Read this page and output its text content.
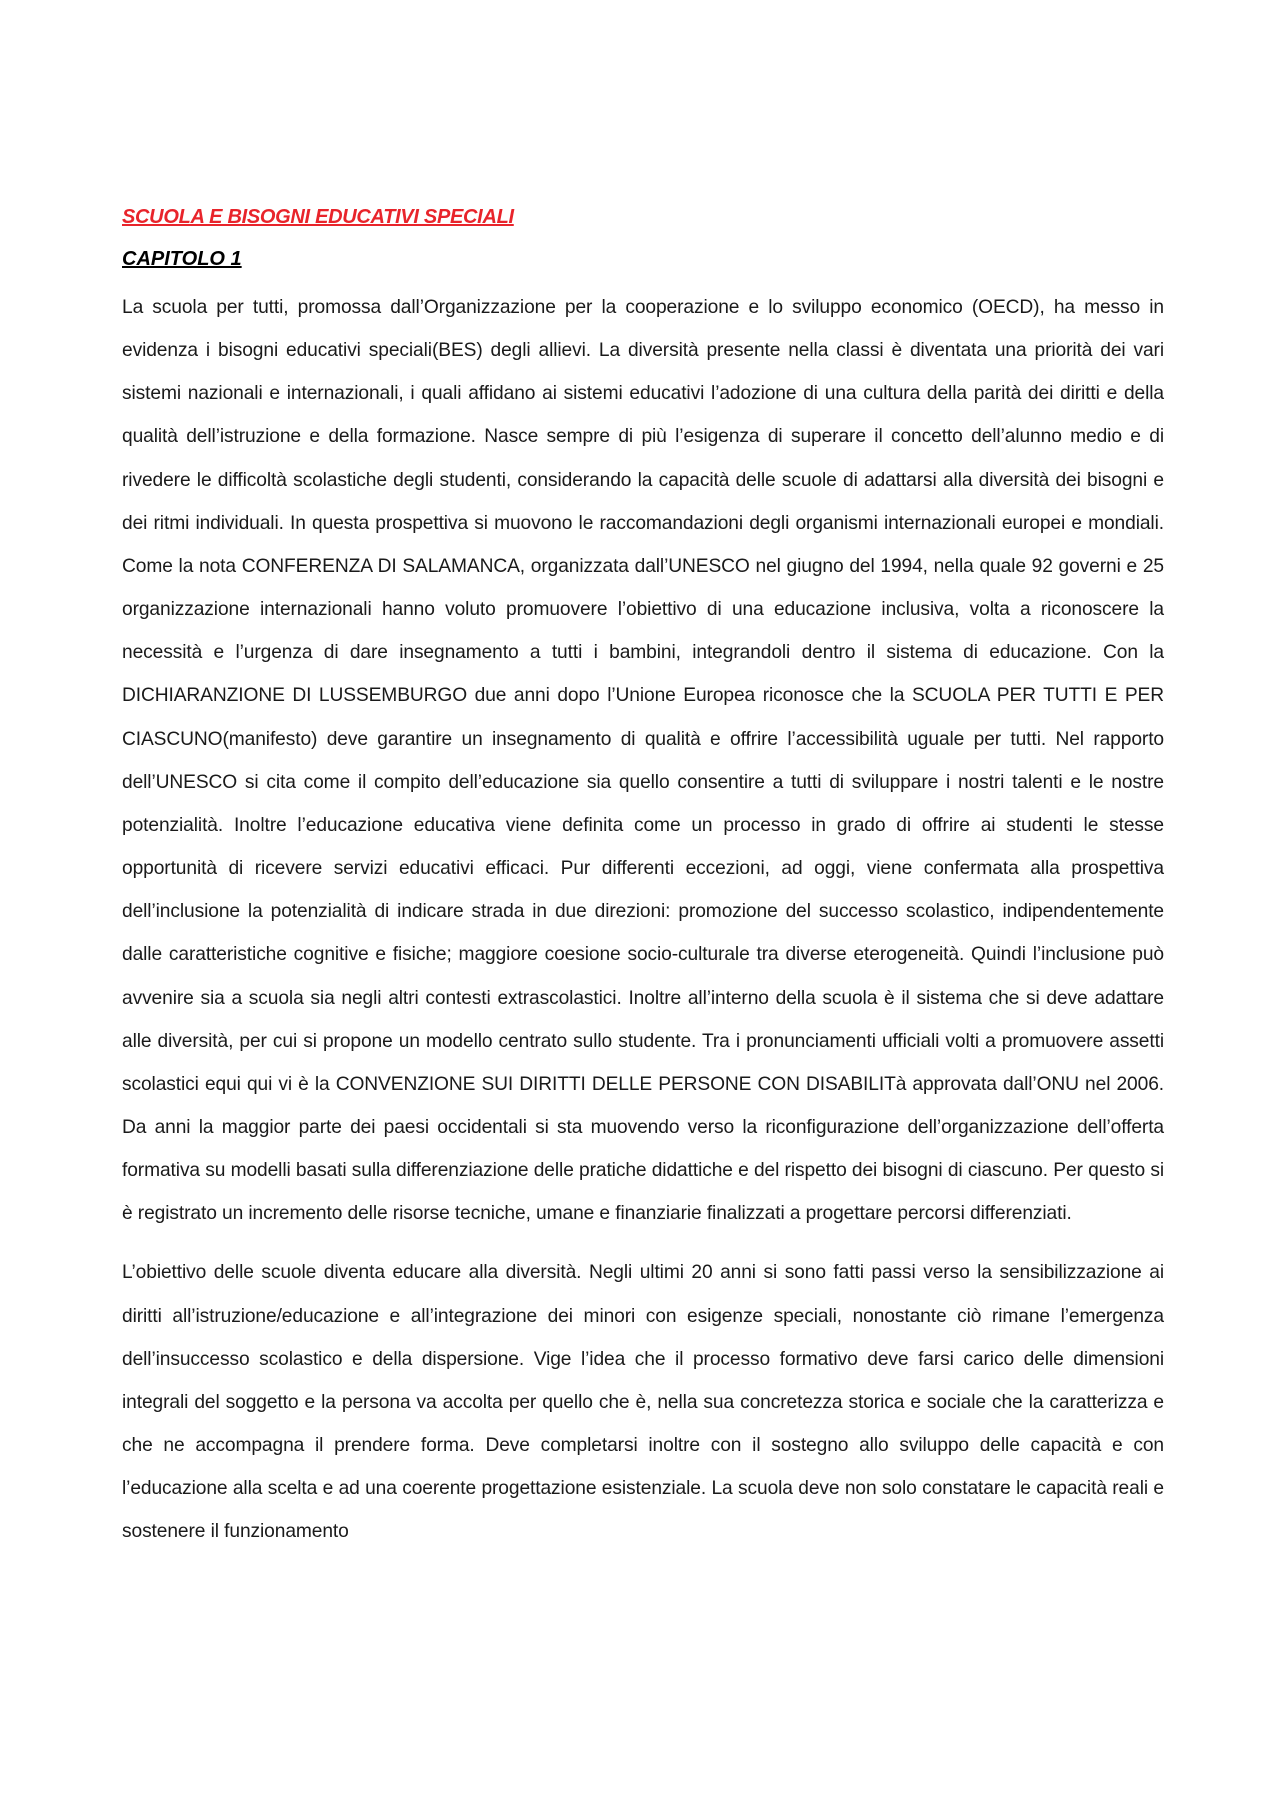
SCUOLA E BISOGNI EDUCATIVI SPECIALI
CAPITOLO 1

La scuola per tutti, promossa dall’Organizzazione per la cooperazione e lo sviluppo economico (OECD), ha messo in evidenza i bisogni educativi speciali(BES) degli allievi. La diversità presente nella classi è diventata una priorità dei vari sistemi nazionali e internazionali, i quali affidano ai sistemi educativi l’adozione di una cultura della parità dei diritti e della qualità dell’istruzione e della formazione. Nasce sempre di più l’esigenza di superare il concetto dell’alunno medio e di rivedere le difficoltà scolastiche degli studenti, considerando la capacità delle scuole di adattarsi alla diversità dei bisogni e dei ritmi individuali. In questa prospettiva si muovono le raccomandazioni degli organismi internazionali europei e mondiali. Come la nota CONFERENZA DI SALAMANCA, organizzata dall’UNESCO nel giugno del 1994, nella quale 92 governi e 25 organizzazione internazionali hanno voluto promuovere l’obiettivo di una educazione inclusiva, volta a riconoscere la necessità e l’urgenza di dare insegnamento a tutti i bambini, integrandoli dentro il sistema di educazione. Con la DICHIARANZIONE DI LUSSEMBURGO due anni dopo l’Unione Europea riconosce che la SCUOLA PER TUTTI E PER CIASCUNO(manifesto) deve garantire un insegnamento di qualità e offrire l’accessibilità uguale per tutti. Nel rapporto dell’UNESCO si cita come il compito dell’educazione sia quello consentire a tutti di sviluppare i nostri talenti e le nostre potenzialità. Inoltre l’educazione educativa viene definita come un processo in grado di offrire ai studenti le stesse opportunità di ricevere servizi educativi efficaci. Pur differenti eccezioni, ad oggi, viene confermata alla prospettiva dell’inclusione la potenzialità di indicare strada in due direzioni: promozione del successo scolastico, indipendentemente dalle caratteristiche cognitive e fisiche; maggiore coesione socio-culturale tra diverse eterogeneità. Quindi l’inclusione può avvenire sia a scuola sia negli altri contesti extrascolastici. Inoltre all’interno della scuola è il sistema che si deve adattare alle diversità, per cui si propone un modello centrato sullo studente. Tra i pronunciamenti ufficiali volti a promuovere assetti scolastici equi qui vi è la CONVENZIONE SUI DIRITTI DELLE PERSONE CON DISABILITà approvata dall’ONU nel 2006. Da anni la maggior parte dei paesi occidentali si sta muovendo verso la riconfigurazione dell’organizzazione dell’offerta formativa su modelli basati sulla differenziazione delle pratiche didattiche e del rispetto dei bisogni di ciascuno. Per questo si è registrato un incremento delle risorse tecniche, umane e finanziarie finalizzati a progettare percorsi differenziati.

L’obiettivo delle scuole diventa educare alla diversità. Negli ultimi 20 anni si sono fatti passi verso la sensibilizzazione ai diritti all’istruzione/educazione e all’integrazione dei minori con esigenze speciali, nonostante ciò rimane l’emergenza dell’insuccesso scolastico e della dispersione. Vige l’idea che il processo formativo deve farsi carico delle dimensioni integrali del soggetto e la persona va accolta per quello che è, nella sua concretezza storica e sociale che la caratterizza e che ne accompagna il prendere forma. Deve completarsi inoltre con il sostegno allo sviluppo delle capacità e con l’educazione alla scelta e ad una coerente progettazione esistenziale. La scuola deve non solo constatare le capacità reali e sostenere il funzionamento
